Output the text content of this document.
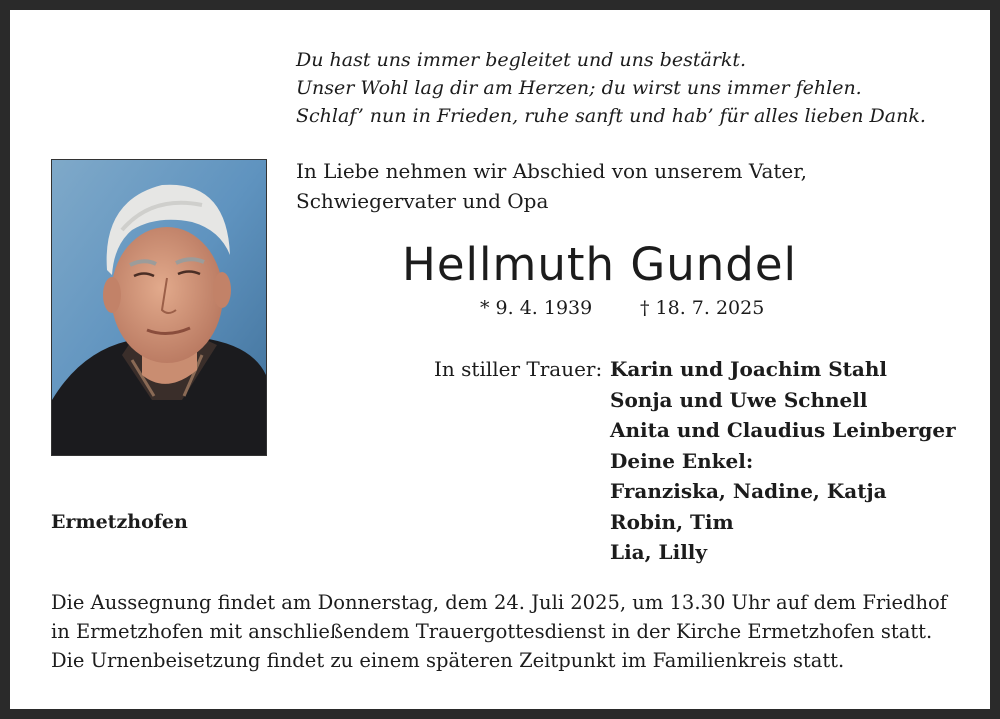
Du hast uns immer begleitet und uns bestärkt.
Unser Wohl lag dir am Herzen; du wirst uns immer fehlen.
Schlaf’ nun in Frieden, ruhe sanft und hab’ für alles lieben Dank.
In Liebe nehmen wir Abschied von unserem Vater, Schwiegervater und Opa
Hellmuth Gundel
* 9. 4. 1939	† 18. 7. 2025
In stiller Trauer: Karin und Joachim Stahl
Sonja und Uwe Schnell
Anita und Claudius Leinberger
Deine Enkel:
Franziska, Nadine, Katja
Robin, Tim
Lia, Lilly
Ermetzhofen
Die Aussegnung findet am Donnerstag, dem 24. Juli 2025, um 13.30 Uhr auf dem Friedhof
in Ermetzhofen mit anschließendem Trauergottesdienst in der Kirche Ermetzhofen statt.
Die Urnenbeisetzung findet zu einem späteren Zeitpunkt im Familienkreis statt.
